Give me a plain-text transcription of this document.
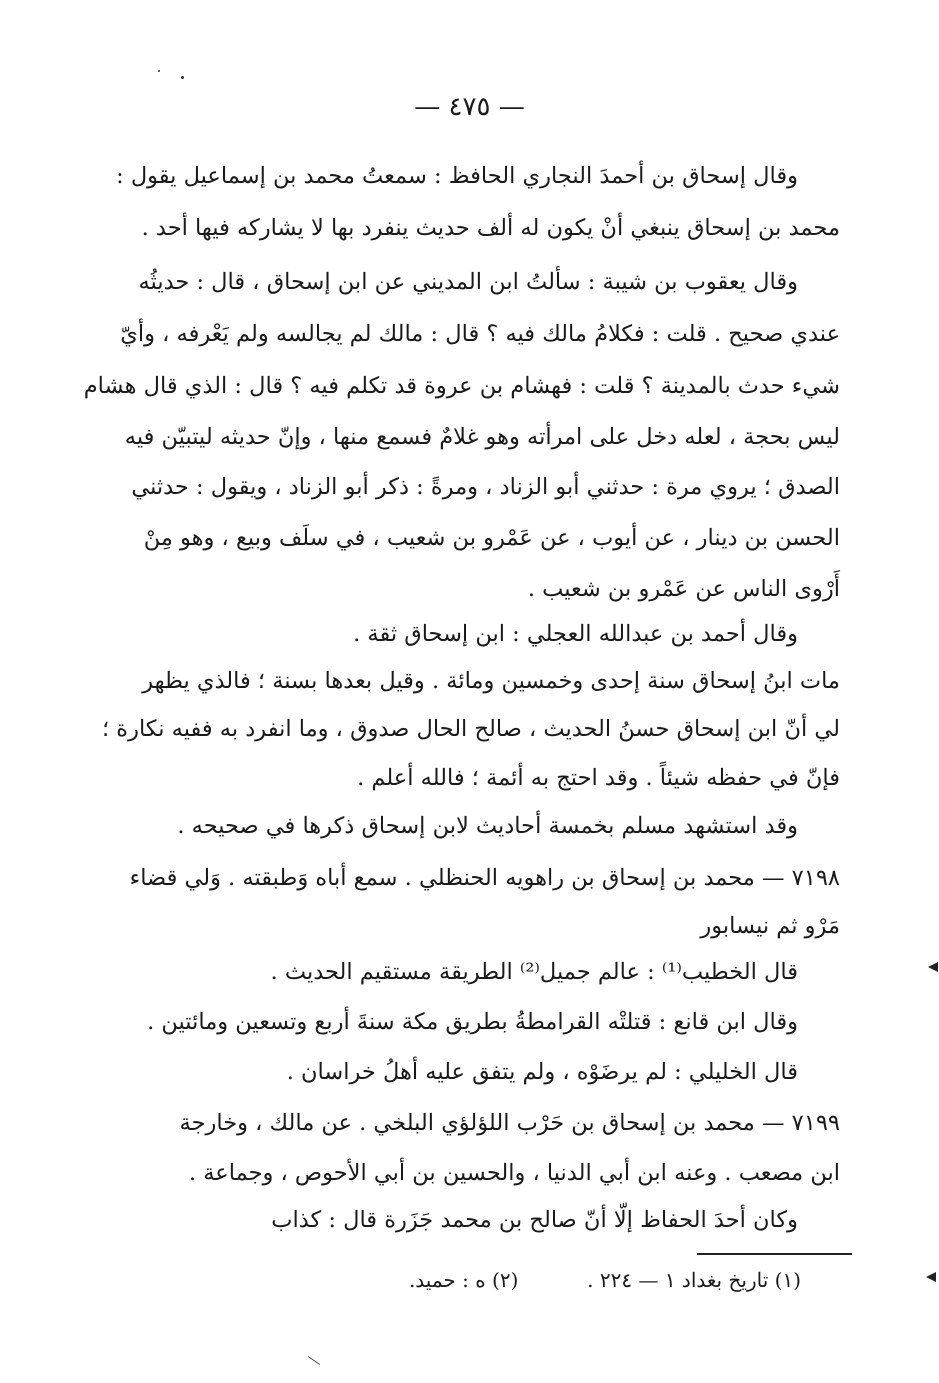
— ٤٧٥ —
وقال إسحاق بن أحمدَ النجاري الحافظ : سمعتُ محمد بن إسماعيل يقول :
محمد بن إسحاق ينبغي أنْ يكون له ألف حديث ينفرد بها لا يشاركه فيها أحد .
وقال يعقوب بن شيبة : سألتُ ابن المديني عن ابن إسحاق ، قال : حديثُه
عندي صحيح . قلت : فكلامُ مالك فيه ؟ قال : مالك لم يجالسه ولم يَعْرفه ، وأيّ
شيء حدث بالمدينة ؟ قلت : فهشام بن عروة قد تكلم فيه ؟ قال : الذي قال هشام
ليس بحجة ، لعله دخل على امرأته وهو غلامٌ فسمع منها ، وإنّ حديثه ليتبيّن فيه
الصدق ؛ يروي مرة : حدثني أبو الزناد ، ومرةً : ذكر أبو الزناد ، ويقول : حدثني
الحسن بن دينار ، عن أيوب ، عن عَمْرو بن شعيب ، في سلَف وبيع ، وهو مِنْ
أَرْوى الناس عن عَمْرو بن شعيب .
وقال أحمد بن عبدالله العجلي : ابن إسحاق ثقة .
مات ابنُ إسحاق سنة إحدى وخمسين ومائة . وقيل بعدها بسنة ؛ فالذي يظهر
لي أنّ ابن إسحاق حسنُ الحديث ، صالح الحال صدوق ، وما انفرد به ففيه نكارة ؛
فإنّ في حفظه شيئاً . وقد احتج به أئمة ؛ فالله أعلم .
وقد استشهد مسلم بخمسة أحاديث لابن إسحاق ذكرها في صحيحه .
٧١٩٨ — محمد بن إسحاق بن راهويه الحنظلي . سمع أباه وَطبقته . وَلي قضاء
مَرْو ثم نيسابور
قال الخطيب⁽¹⁾ : عالم جميل⁽²⁾ الطريقة مستقيم الحديث .
وقال ابن قانع : قتلتْه القرامطةُ بطريق مكة سنةَ أربع وتسعين ومائتين .
قال الخليلي : لم يرضَوْه ، ولم يتفق عليه أهلُ خراسان .
٧١٩٩ — محمد بن إسحاق بن حَرْب اللؤلؤي البلخي . عن مالك ، وخارجة
ابن مصعب . وعنه ابن أبي الدنيا ، والحسين بن أبي الأحوص ، وجماعة .
وكان أحدَ الحفاظ إلّا أنّ صالح بن محمد جَزَرة قال : كذاب
(١) تاريخ بغداد ١ — ٢٢٤ .  (٢) ه : حميد.
